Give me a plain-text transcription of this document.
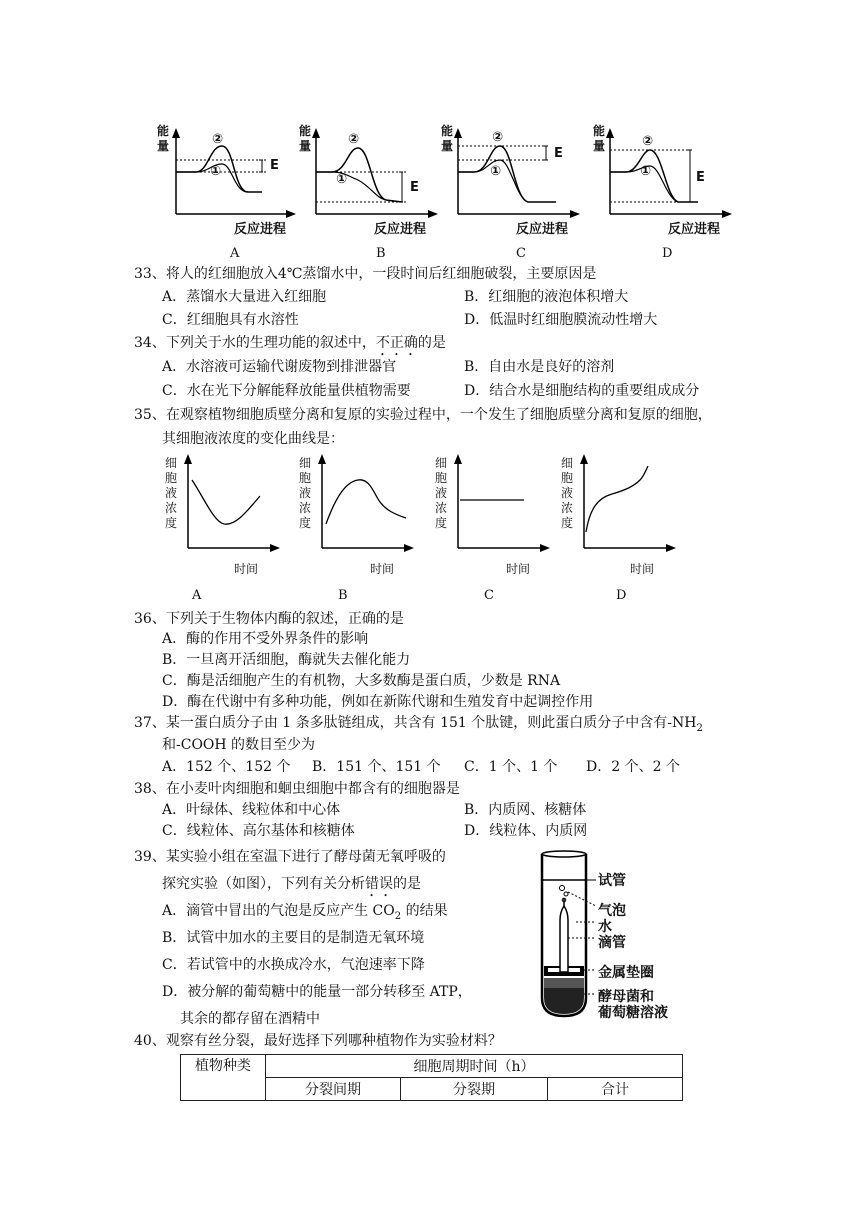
能量	②
①	E
反应进程
A
能量	②
①
E
反应进程
B
能量
②
①
E
反应进程
C
能量	②
①	E
反应进程
D
33、将人的红细胞放入4℃蒸馏水中，一段时间后红细胞破裂，主要原因是
A．蒸馏水大量进入红细胞	B．红细胞的液泡体积增大
C．红细胞具有水溶性	D．低温时红细胞膜流动性增大
34、下列关于水的生理功能的叙述中，不正确的是
A．水溶液可运输代谢废物到排泄器官	B．自由水是良好的溶剂
C．水在光下分解能释放能量供植物需要	D．结合水是细胞结构的重要组成成分
35、在观察植物细胞质壁分离和复原的实验过程中，一个发生了细胞质壁分离和复原的细胞，
其细胞液浓度的变化曲线是：
细
胞
液
浓
度
时间
A
细
胞
液
浓
度
时间
B
细
胞
液
浓
度
时间
C
细
胞
液
浓
度
时间
D
36、下列关于生物体内酶的叙述，正确的是
A．酶的作用不受外界条件的影响
B．一旦离开活细胞，酶就失去催化能力
C．酶是活细胞产生的有机物，大多数酶是蛋白质，少数是 RNA
D．酶在代谢中有多种功能，例如在新陈代谢和生殖发育中起调控作用
37、某一蛋白质分子由 1 条多肽链组成，共含有 151 个肽键，则此蛋白质分子中含有$-NH_2$
和-COOH 的数目至少为
A．152 个、152 个 B．151 个、151 个 C．1 个、1 个 D．2 个、2 个
38、在小麦叶肉细胞和蛔虫细胞中都含有的细胞器是
A．叶绿体、线粒体和中心体	B．内质网、核糖体
C．线粒体、高尔基体和核糖体	D．线粒体、内质网
39、某实验小组在室温下进行了酵母菌无氧呼吸的
探究实验（如图），下列有关分析错误的是
A．滴管中冒出的气泡是反应产生 $CO_2$ 的结果
B．试管中加水的主要目的是制造无氧环境
C．若试管中的水换成冷水，气泡速率下降
D．被分解的葡萄糖中的能量一部分转移至 ATP，
其余的都存留在酒精中
试管
气泡
水
滴管
金属垫圈
酵母菌和
葡萄糖溶液
40、观察有丝分裂，最好选择下列哪种植物作为实验材料？
植物种类	细胞周期时间（h）		
	分裂间期	分裂期	合计
